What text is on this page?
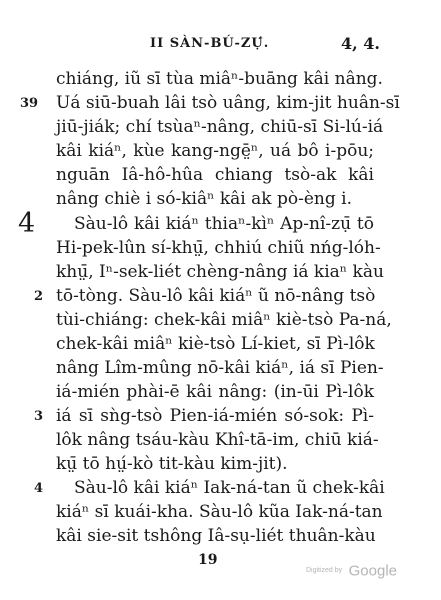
II SÀN-BÚ-ZỤ́.	4, 4.
chiáng, iũ sī tùa miâⁿ-buāng kâi nâng.
39 Uá siū-buah lâi tsò uâng, kim-jit huân-sī
jiū-jiák; chí tsùaⁿ-nâng, chiū-sī Si-lú-iá
kâi kiáⁿ, kùe kang-ngē̤ⁿ, uá bô i-pōu;
nguān Iâ-hô-hûa chiang tsò-ak kâi
nâng chiè i só-kiâⁿ kâi ak pò-èng i.
4 Sàu-lô kâi kiáⁿ thiaⁿ-kìⁿ Ap-nî-zụ̄ tō
Hi-pek-lûn sí-khṳ̄, chhiú chiũ nńg-lóh-
khṳ̄, Iⁿ-sek-liét chèng-nâng iá kiaⁿ kàu
2 tō-tòng. Sàu-lô kâi kiáⁿ ũ nō-nâng tsò
tùi-chiáng: chek-kâi miâⁿ kiè-tsò Pa-ná,
chek-kâi miâⁿ kiè-tsò Lí-kiet, sī Pì-lôk
nâng Lîm-mûng nō-kâi kiáⁿ, iá sī Pien-
iá-mién phài-ē kâi nâng: (in-ūi Pì-lôk
3 iá sī sǹg-tsò Pien-iá-mién só-sok: Pì-
lôk nâng tsáu-kàu Khî-tā-im, chiū kiá-
kṳ̄ tō hṳ́-kò tit-kàu kim-jit).
4 Sàu-lô kâi kiáⁿ Iak-ná-tan ũ chek-kâi
kiáⁿ sī kuái-kha. Sàu-lô kũa Iak-ná-tan
19
Digitized by Google
kâi sie-sit tshông Iâ-sụ-liét thuân-kàu
